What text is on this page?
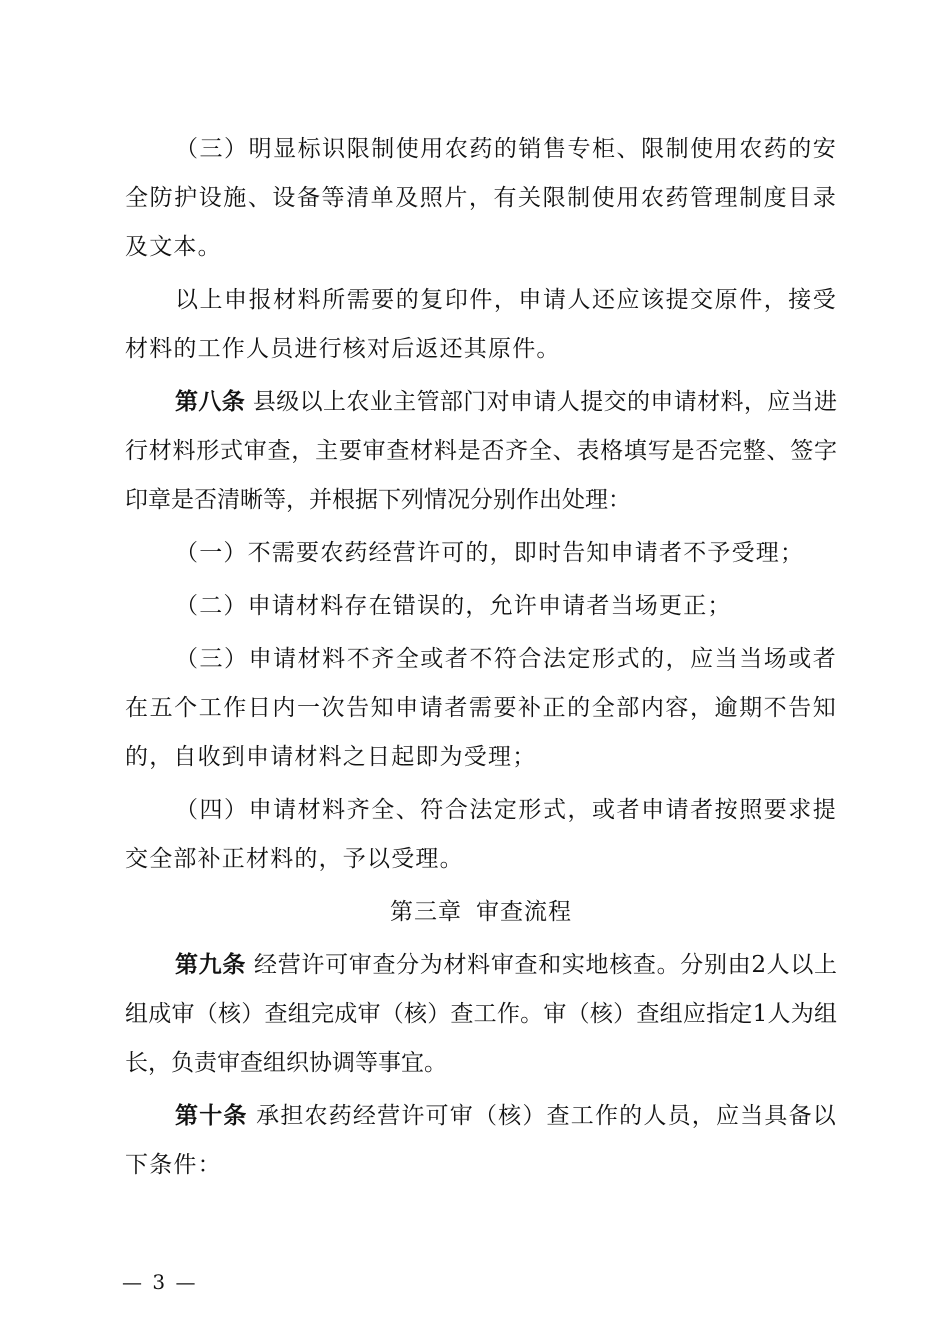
（三）明显标识限制使用农药的销售专柜、限制使用农药的安全防护设施、设备等清单及照片，有关限制使用农药管理制度目录及文本。

以上申报材料所需要的复印件，申请人还应该提交原件，接受材料的工作人员进行核对后返还其原件。

第八条 县级以上农业主管部门对申请人提交的申请材料，应当进行材料形式审查，主要审查材料是否齐全、表格填写是否完整、签字印章是否清晰等，并根据下列情况分别作出处理：

（一）不需要农药经营许可的，即时告知申请者不予受理；

（二）申请材料存在错误的，允许申请者当场更正；

（三）申请材料不齐全或者不符合法定形式的，应当当场或者在五个工作日内一次告知申请者需要补正的全部内容，逾期不告知的，自收到申请材料之日起即为受理；

（四）申请材料齐全、符合法定形式，或者申请者按照要求提交全部补正材料的，予以受理。

第三章 审查流程

第九条 经营许可审查分为材料审查和实地核查。分别由2人以上组成审（核）查组完成审（核）查工作。审（核）查组应指定1人为组长，负责审查组织协调等事宜。

第十条 承担农药经营许可审（核）查工作的人员，应当具备以下条件：

— 3 —
